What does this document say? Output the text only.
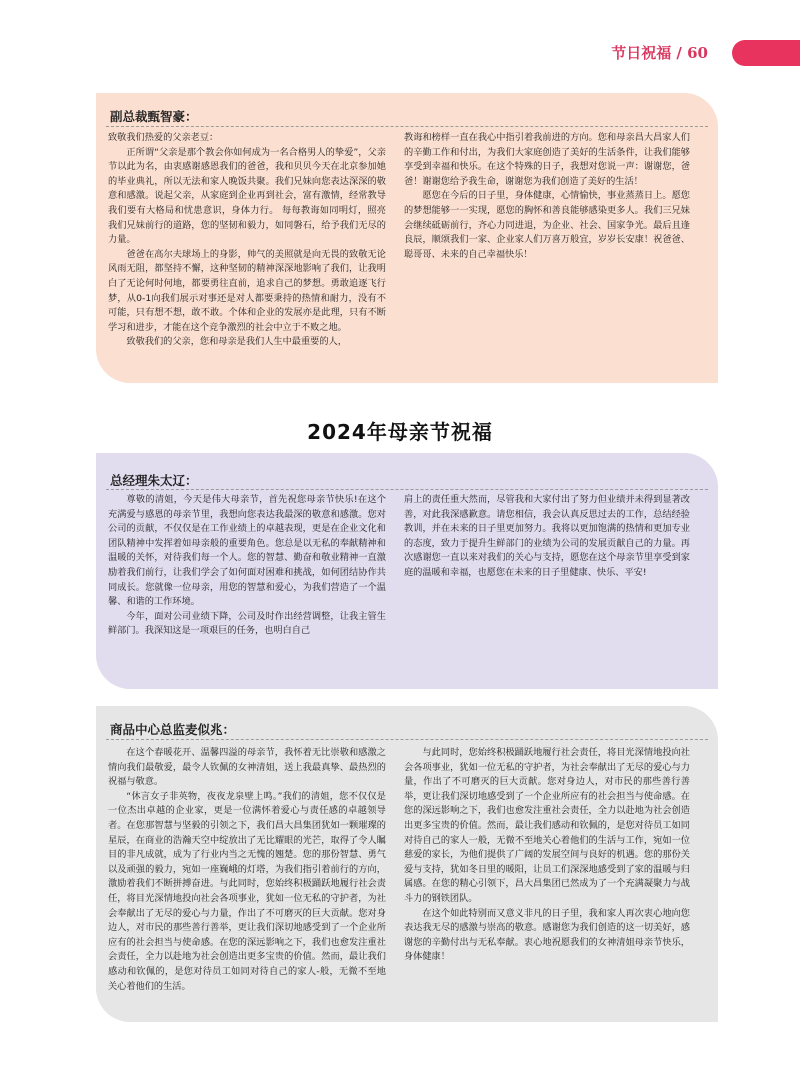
节日祝福 / 60
副总裁甄智豪：

致敬我们热爱的父亲老豆：

正所谓“父亲是那个教会你如何成为一名合格男人的挚爱”，父亲节以此为名，由衷感谢感恩我们的爸爸，我和贝贝今天在北京参加她的毕业典礼，所以无法和家人晚饭共聚。我们兄妹向您表达深深的敬意和感激。说起父亲，从家庭到企业再到社会，富有激情，经常教导我们要有大格局和忧患意识，身体力行。 每每教诲如同明灯，照亮我们兄妹前行的道路，您的坚韧和毅力，如同磐石，给予我们无尽的力量。

爸爸在高尔夫球场上的身影，帅气的美照就是向无畏的致敬无论风雨无阻，都坚持不懈，这种坚韧的精神深深地影响了我们，让我明白了无论何时何地，都要勇往直前，追求自己的梦想。勇敢追逐飞行梦，从0-1向我们展示对事还是对人都要秉持的热情和耐力，没有不可能，只有想不想，敢不敢。个体和企业的发展亦是此理，只有不断学习和进步，才能在这个竞争激烈的社会中立于不败之地。

致敬我们的父亲，您和母亲是我们人生中最重要的人，

教诲和榜样一直在我心中指引着我前进的方向。您和母亲昌大昌家人们的辛勤工作和付出，为我们大家庭创造了美好的生活条件，让我们能够享受到幸福和快乐。在这个特殊的日子，我想对您说一声：谢谢您，爸爸！谢谢您给予我生命，谢谢您为我们创造了美好的生活！

愿您在今后的日子里，身体健康，心情愉快，事业蒸蒸日上。愿您的梦想能够一一实现，愿您的胸怀和善良能够感染更多人。我们三兄妹会继续砥砺前行，齐心力同进退，为企业、社会、国家争光。最后且逢良辰，顺颂我们一家、企业家人们万喜万般宜，岁岁长安康！祝爸爸、聪哥哥、未来的自己幸福快乐！

2024年母亲节祝福
总经理朱太辽：

尊敬的清姐，今天是伟大母亲节，首先祝您母亲节快乐!在这个充满爱与感恩的母亲节里，我想向您表达我最深的敬意和感激。您对公司的贡献，不仅仅是在工作业绩上的卓越表现，更是在企业文化和团队精神中发挥着如母亲般的重要角色。您总是以无私的奉献精神和温暖的关怀，对待我们每一个人。您的智慧、勤奋和敬业精神一直激励着我们前行，让我们学会了如何面对困难和挑战，如何团结协作共同成长。您就像一位母亲，用您的智慧和爱心，为我们营造了一个温馨、和谐的工作环境。

今年，面对公司业绩下降，公司及时作出经营调整，让我主管生鲜部门。我深知这是一项艰巨的任务，也明白自己

肩上的责任重大然而，尽管我和大家付出了努力但业绩并未得到显著改善，对此我深感歉意。请您相信，我会认真反思过去的工作，总结经验教训，并在未来的日子里更加努力。我将以更加饱满的热情和更加专业的态度，致力于提升生鲜部门的业绩为公司的发展贡献自己的力量。再次感谢您一直以来对我们的关心与支持，愿您在这个母亲节里享受到家庭的温暖和幸福，也愿您在未来的日子里健康、快乐、平安!

商品中心总监麦似兆：

在这个春暖花开、温馨四溢的母亲节，我怀着无比崇敬和感激之情向我们最敬爱，最令人钦佩的女神清姐，送上我最真挚、最热烈的祝福与敬意。

“休言女子非英物，夜夜龙泉壁上鸣。”我们的清姐，您不仅仅是一位杰出卓越的企业家，更是一位满怀着爱心与责任感的卓越领导者。在您那智慧与坚毅的引领之下，我们昌大昌集团犹如一颗璀璨的星辰，在商业的浩瀚天空中绽放出了无比耀眼的光芒，取得了令人瞩目的非凡成就，成为了行业内当之无愧的翘楚。您的那份智慧、勇气以及顽强的毅力，宛如一座巍峨的灯塔，为我们指引着前行的方向，激励着我们不断拼搏奋进。与此同时，您始终积极踊跃地履行社会责任，将目光深情地投向社会各项事业，犹如一位无私的守护者，为社会奉献出了无尽的爱心与力量，作出了不可磨灭的巨大贡献。您对身边人，对市民的那些善行善举，更让我们深切地感受到了一个企业所应有的社会担当与使命感。在您的深远影响之下，我们也愈发注重社会责任，全力以赴地为社会创造出更多宝贵的价值。然而，最让我们感动和钦佩的，是您对待员工如同对待自己的家人-般，无微不至地关心着他们的生活。

与此同时，您始终积极踊跃地履行社会责任，将目光深情地投向社会各项事业，犹如一位无私的守护者，为社会奉献出了无尽的爱心与力量，作出了不可磨灭的巨大贡献。您对身边人，对市民的那些善行善举，更让我们深切地感受到了一个企业所应有的社会担当与使命感。在您的深远影响之下，我们也愈发注重社会责任，全力以赴地为社会创造出更多宝贵的价值。然而，最让我们感动和钦佩的，是您对待员工如同对待自己的家人一般，无微不至地关心着他们的生活与工作，宛如一位慈爱的家长，为他们提供了广阔的发展空间与良好的机遇。您的那份关爱与支持，犹如冬日里的暖阳，让员工们深深地感受到了家的温暖与归属感。在您的精心引领下，昌大昌集团已然成为了一个充满凝聚力与战斗力的钢铁团队。

在这个如此特别而又意义非凡的日子里，我和家人再次衷心地向您表达我无尽的感激与崇高的敬意。感谢您为我们创造的这一切美好，感谢您的辛勤付出与无私奉献。衷心地祝愿我们的女神清姐母亲节快乐，身体健康！
